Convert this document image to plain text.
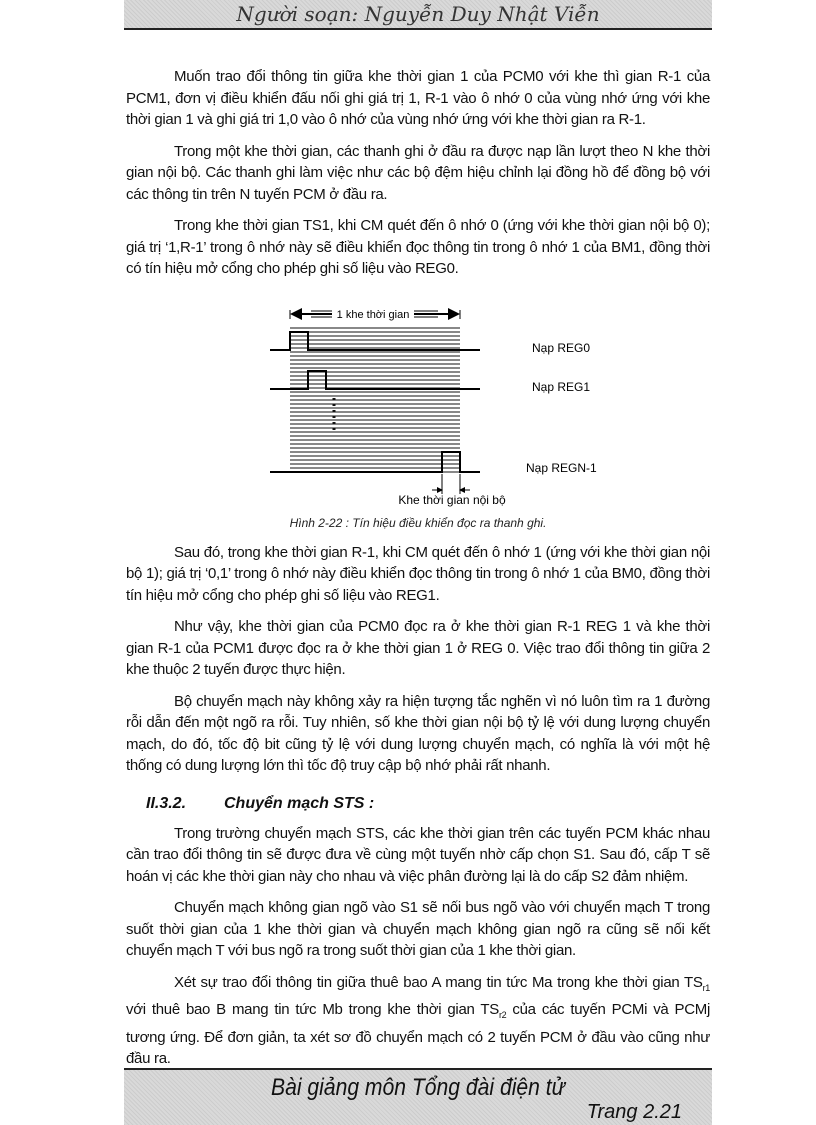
Người soạn: Nguyễn Duy Nhật Viễn

Muốn trao đổi thông tin giữa khe thời gian 1 của PCM0 với khe thì gian R-1 của PCM1, đơn vị điều khiển đấu nối ghi giá trị 1, R-1 vào ô nhớ 0 của vùng nhớ ứng với khe thời gian 1 và ghi giá tri 1,0 vào ô nhớ của vùng nhớ ứng với khe thời gian ra R-1.

Trong một khe thời gian, các thanh ghi ở đầu ra được nạp lần lượt theo N khe thời gian nội bộ. Các thanh ghi làm việc như các bộ đệm hiệu chỉnh lại đồng hồ để đồng bộ với các thông tin trên N tuyến PCM ở đầu ra.

Trong khe thời gian TS1, khi CM quét đến ô nhớ 0 (ứng với khe thời gian nội bộ 0); giá trị ‘1,R-1’ trong ô nhớ này sẽ điều khiển đọc thông tin trong ô nhớ 1 của BM1, đồng thời có tín hiệu mở cổng cho phép ghi số liệu vào REG0.

1 khe thời gian
Nạp REG0
Nạp REG1
Nạp REGN-1
Khe thời gian nội bộ
Hình 2-22 : Tín hiệu điều khiển đọc ra thanh ghi.

Sau đó, trong khe thời gian R-1, khi CM quét đến ô nhớ 1 (ứng với khe thời gian nội bộ 1); giá trị ‘0,1’ trong ô nhớ này điều khiển đọc thông tin trong ô nhớ 1 của BM0, đồng thời tín hiệu mở cổng cho phép ghi số liệu vào REG1.

Như vậy, khe thời gian của PCM0 đọc ra ở khe thời gian R-1 REG 1 và khe thời gian R-1 của PCM1 được đọc ra ở khe thời gian 1 ở REG 0. Việc trao đổi thông tin giữa 2 khe thuộc 2 tuyến được thực hiện.

Bộ chuyển mạch này không xảy ra hiện tượng tắc nghẽn vì nó luôn tìm ra 1 đường rỗi dẫn đến một ngõ ra rỗi. Tuy nhiên, số khe thời gian nội bộ tỷ lệ với dung lượng chuyển mạch, do đó, tốc độ bit cũng tỷ lệ với dung lượng chuyển mạch, có nghĩa là với một hệ thống có dung lượng lớn thì tốc độ truy cập bộ nhớ phải rất nhanh.

II.3.2.	Chuyển mạch STS :

Trong trường chuyển mạch STS, các khe thời gian trên các tuyến PCM khác nhau cần trao đổi thông tin sẽ được đưa về cùng một tuyến nhờ cấp chọn S1. Sau đó, cấp T sẽ hoán vị các khe thời gian này cho nhau và việc phân đường lại là do cấp S2 đảm nhiệm.

Chuyển mạch không gian ngõ vào S1 sẽ nối bus ngõ vào với chuyển mạch T trong suốt thời gian của 1 khe thời gian và chuyển mạch không gian ngõ ra cũng sẽ nối kết chuyển mạch T với bus ngõ ra trong suốt thời gian của 1 khe thời gian.

Xét sự trao đổi thông tin giữa thuê bao A mang tin tức Ma trong khe thời gian $TS_{r1}$ với thuê bao B mang tin tức Mb trong khe thời gian $TS_{r2}$ của các tuyến PCMi và PCMj tương ứng. Để đơn giản, ta xét sơ đồ chuyển mạch có 2 tuyến PCM ở đầu vào cũng như đầu ra.

Bài giảng môn Tổng đài điện tử
Trang 2.21
